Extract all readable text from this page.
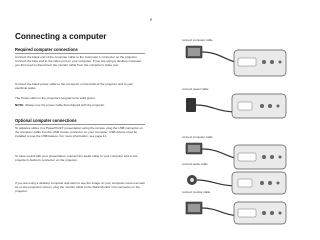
8
Connecting a computer
Required computer connections

Connect the black end of the computer cable to the Computer 1 connector on the projector. Connect the blue end to the video port on your computer. If you are using a desktop computer, you first need to disconnect the monitor cable from the computer's video port.

Connect the black power cable to the connector on the back of the projector and to your electrical outlet.

The Power LED on the projector's keypad turns solid green.

NOTE: Always use the power cable that shipped with the projector.

Optional computer connections

To advance slides in a PowerPoint® presentation using the remote, plug the USB connector on the computer cable into the USB mouse connector on your computer. USB drivers must be installed to use the USB feature. For more information, see page 11.

To have sound with your presentation, connect the audio cable to your computer and to the projector's Audio In connector on the projector.

If you are using a desktop computer and want to see the image on your computer screen as well as on the projection screen, plug the monitor cable to the black Monitor Out connector on the projector.

connect computer cable
connect power cable
connect computer cable
connect audio cable
connect monitor cable
